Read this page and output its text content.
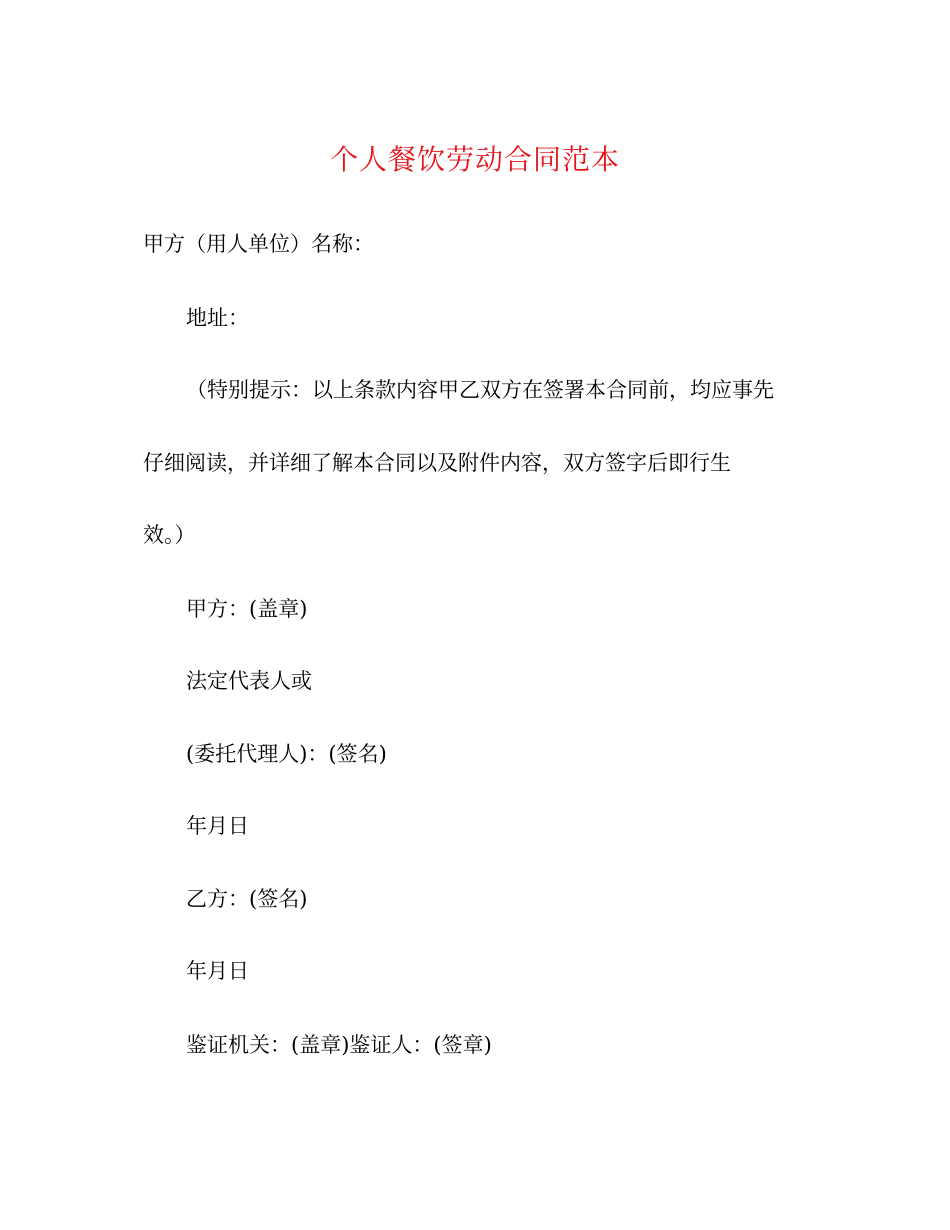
个人餐饮劳动合同范本
甲方（用人单位）名称：
地址：
（特别提示：以上条款内容甲乙双方在签署本合同前，均应事先
仔细阅读，并详细了解本合同以及附件内容，双方签字后即行生
效。）
甲方：(盖章)
法定代表人或
(委托代理人)：(签名)
年月日
乙方：(签名)
年月日
鉴证机关：(盖章)鉴证人：(签章)
